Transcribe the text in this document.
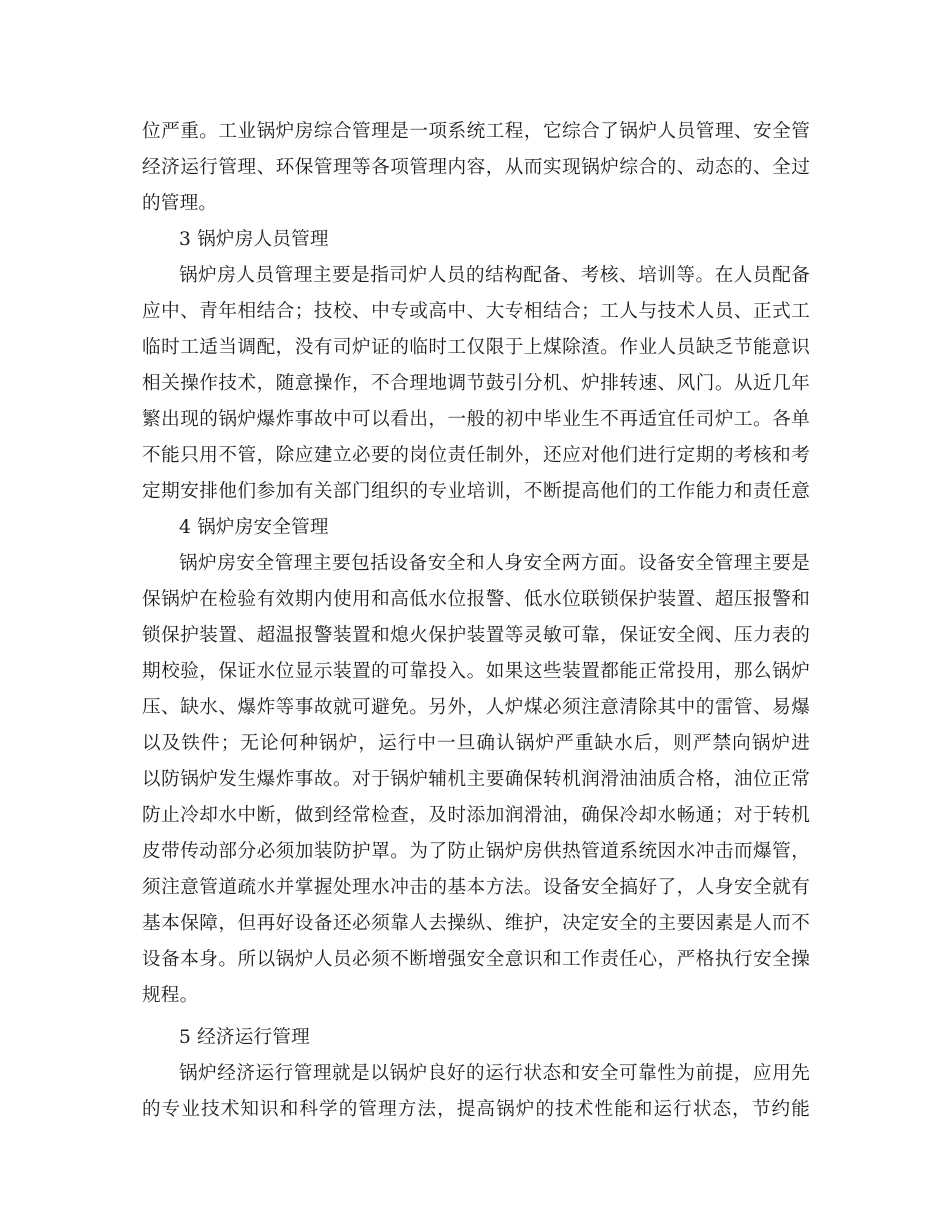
位严重。工业锅炉房综合管理是一项系统工程，它综合了锅炉人员管理、安全管
经济运行管理、环保管理等各项管理内容，从而实现锅炉综合的、动态的、全过
的管理。
3 锅炉房人员管理
锅炉房人员管理主要是指司炉人员的结构配备、考核、培训等。在人员配备
应中、青年相结合；技校、中专或高中、大专相结合；工人与技术人员、正式工
临时工适当调配，没有司炉证的临时工仅限于上煤除渣。作业人员缺乏节能意识
相关操作技术，随意操作，不合理地调节鼓引分机、炉排转速、风门。从近几年
繁出现的锅炉爆炸事故中可以看出，一般的初中毕业生不再适宜任司炉工。各单
不能只用不管，除应建立必要的岗位责任制外，还应对他们进行定期的考核和考
定期安排他们参加有关部门组织的专业培训，不断提高他们的工作能力和责任意
4 锅炉房安全管理
锅炉房安全管理主要包括设备安全和人身安全两方面。设备安全管理主要是
保锅炉在检验有效期内使用和高低水位报警、低水位联锁保护装置、超压报警和
锁保护装置、超温报警装置和熄火保护装置等灵敏可靠，保证安全阀、压力表的
期校验，保证水位显示装置的可靠投入。如果这些装置都能正常投用，那么锅炉
压、缺水、爆炸等事故就可避免。另外，人炉煤必须注意清除其中的雷管、易爆
以及铁件；无论何种锅炉，运行中一旦确认锅炉严重缺水后，则严禁向锅炉进
以防锅炉发生爆炸事故。对于锅炉辅机主要确保转机润滑油油质合格，油位正常
防止冷却水中断，做到经常检查，及时添加润滑油，确保冷却水畅通；对于转机
皮带传动部分必须加装防护罩。为了防止锅炉房供热管道系统因水冲击而爆管，
须注意管道疏水并掌握处理水冲击的基本方法。设备安全搞好了，人身安全就有
基本保障，但再好设备还必须靠人去操纵、维护，决定安全的主要因素是人而不
设备本身。所以锅炉人员必须不断增强安全意识和工作责任心，严格执行安全操
规程。
5 经济运行管理
锅炉经济运行管理就是以锅炉良好的运行状态和安全可靠性为前提，应用先
的专业技术知识和科学的管理方法，提高锅炉的技术性能和运行状态，节约能
